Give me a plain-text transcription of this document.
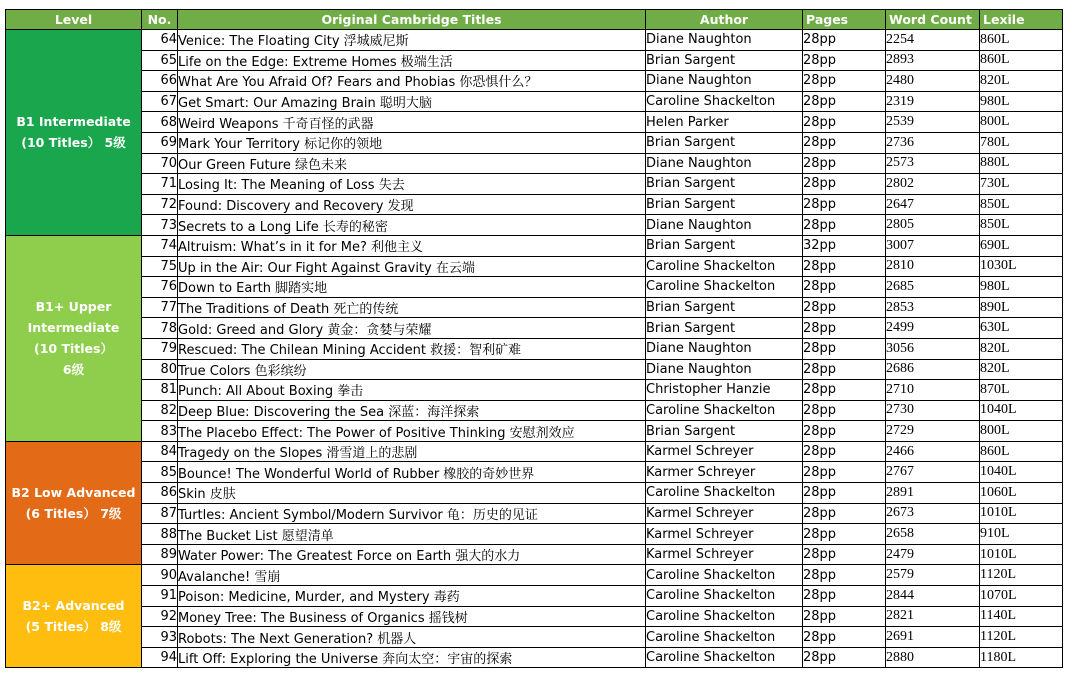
Level	No.	Original Cambridge Titles	Author	Pages	Word Count	Lexile

B1 Intermediate
(10 Titles） 5级	64	Venice: The Floating City 浮城威尼斯	Diane Naughton	28pp	2254	860L
	65	Life on the Edge: Extreme Homes 极端生活	Brian Sargent	28pp	2893	860L
	66	What Are You Afraid Of? Fears and Phobias 你恐惧什么？	Diane Naughton	28pp	2480	820L
	67	Get Smart: Our Amazing Brain 聪明大脑	Caroline Shackelton	28pp	2319	980L
	68	Weird Weapons 千奇百怪的武器	Helen Parker	28pp	2539	800L
	69	Mark Your Territory 标记你的领地	Brian Sargent	28pp	2736	780L
	70	Our Green Future 绿色未来	Diane Naughton	28pp	2573	880L
	71	Losing It: The Meaning of Loss 失去	Brian Sargent	28pp	2802	730L
	72	Found: Discovery and Recovery 发现	Brian Sargent	28pp	2647	850L
	73	Secrets to a Long Life 长寿的秘密	Diane Naughton	28pp	2805	850L

B1+ Upper
Intermediate
(10 Titles）
6级	74	Altruism: What’s in it for Me? 利他主义	Brian Sargent	32pp	3007	690L
	75	Up in the Air: Our Fight Against Gravity 在云端	Caroline Shackelton	28pp	2810	1030L
	76	Down to Earth 脚踏实地	Caroline Shackelton	28pp	2685	980L
	77	The Traditions of Death 死亡的传统	Brian Sargent	28pp	2853	890L
	78	Gold: Greed and Glory 黄金：贪婪与荣耀	Brian Sargent	28pp	2499	630L
	79	Rescued: The Chilean Mining Accident 救援：智利矿难	Diane Naughton	28pp	3056	820L
	80	True Colors 色彩缤纷	Diane Naughton	28pp	2686	820L
	81	Punch: All About Boxing 拳击	Christopher Hanzie	28pp	2710	870L
	82	Deep Blue: Discovering the Sea 深蓝：海洋探索	Caroline Shackelton	28pp	2730	1040L
	83	The Placebo Effect: The Power of Positive Thinking 安慰剂效应	Brian Sargent	28pp	2729	800L

B2 Low Advanced
(6 Titles） 7级	84	Tragedy on the Slopes 滑雪道上的悲剧	Karmel Schreyer	28pp	2466	860L
	85	Bounce! The Wonderful World of Rubber 橡胶的奇妙世界	Karmer Schreyer	28pp	2767	1040L
	86	Skin 皮肤	Caroline Shackelton	28pp	2891	1060L
	87	Turtles: Ancient Symbol/Modern Survivor 龟：历史的见证	Karmel Schreyer	28pp	2673	1010L
	88	The Bucket List 愿望清单	Karmel Schreyer	28pp	2658	910L
	89	Water Power: The Greatest Force on Earth 强大的水力	Karmel Schreyer	28pp	2479	1010L

B2+ Advanced
(5 Titles） 8级	90	Avalanche! 雪崩	Caroline Shackelton	28pp	2579	1120L
	91	Poison: Medicine, Murder, and Mystery 毒药	Caroline Shackelton	28pp	2844	1070L
	92	Money Tree: The Business of Organics 摇钱树	Caroline Shackelton	28pp	2821	1140L
	93	Robots: The Next Generation? 机器人	Caroline Shackelton	28pp	2691	1120L
	94	Lift Off: Exploring the Universe 奔向太空：宇宙的探索	Caroline Shackelton	28pp	2880	1180L
